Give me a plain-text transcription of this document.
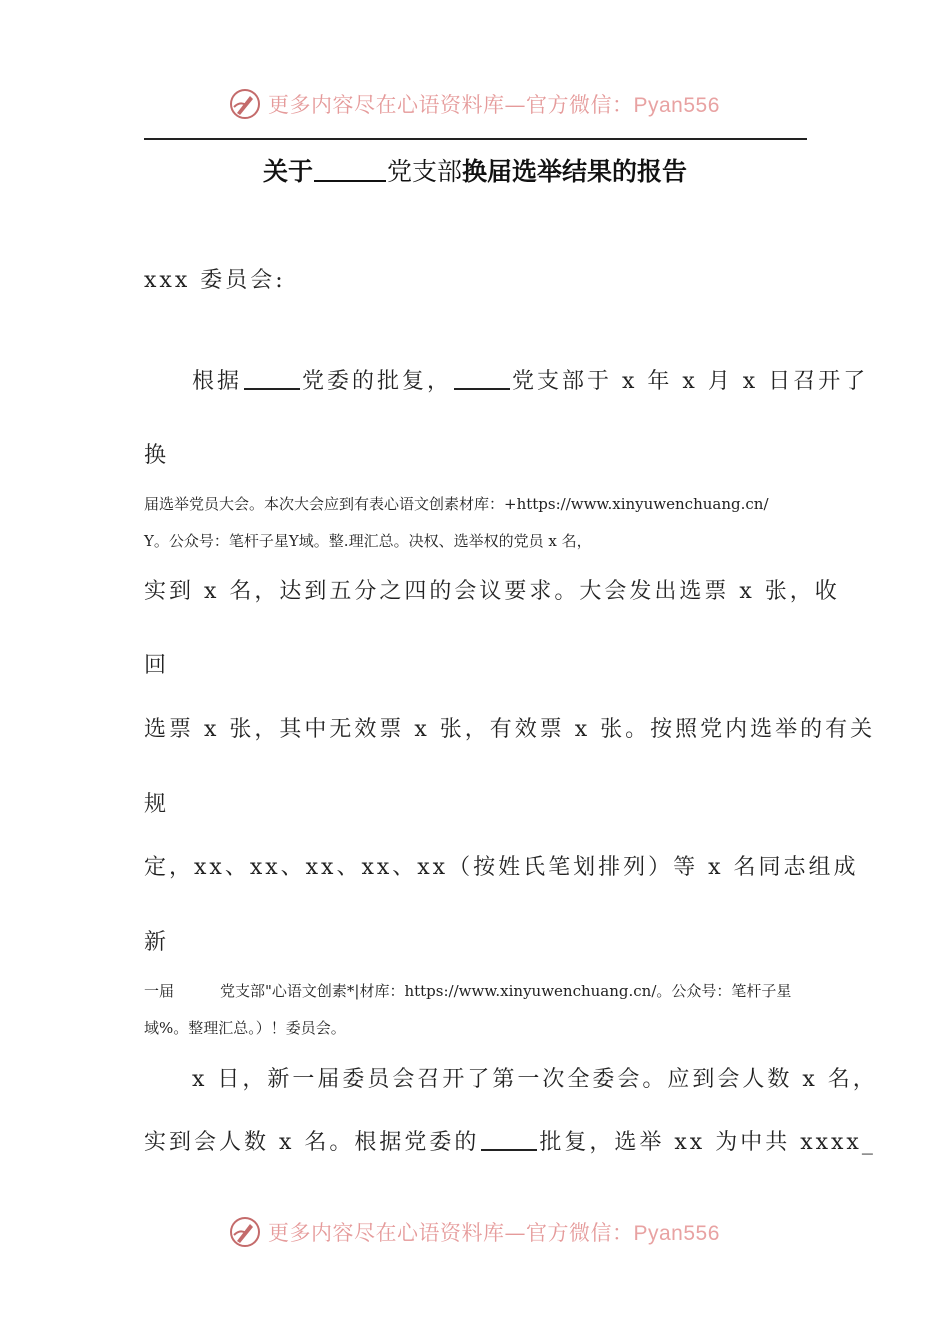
更多内容尽在心语资料库—官方微信：Pyan556
关于	党支部换届选举结果的报告
xxx 委员会:
根据	党委的批复，	党支部于 x 年 x 月 x 日召开了
换
届选举党员大会。本次大会应到有表心语文创素材库：+https://www.xinyuwenchuang.cn/
Y。公众号：笔杆子星Y域。整.理汇总。决权、选举权的党员 x 名，
实到 x 名，达到五分之四的会议要求。大会发出选票 x 张，收
回
选票 x 张，其中无效票 x 张，有效票 x 张。按照党内选举的有关
规
定，xx、xx、xx、xx、xx（按姓氏笔划排列）等 x 名同志组成
新
一届	党支部"心语文创素*|材库：https://www.xinyuwenchuang.cn/。公众号：笔杆子星
域%。整理汇总。）！委员会。
x 日，新一届委员会召开了第一次全委会。应到会人数 x 名，
实到会人数 x 名。根据党委的	批复，选举 xx 为中共 xxxx_
更多内容尽在心语资料库—官方微信：Pyan556
